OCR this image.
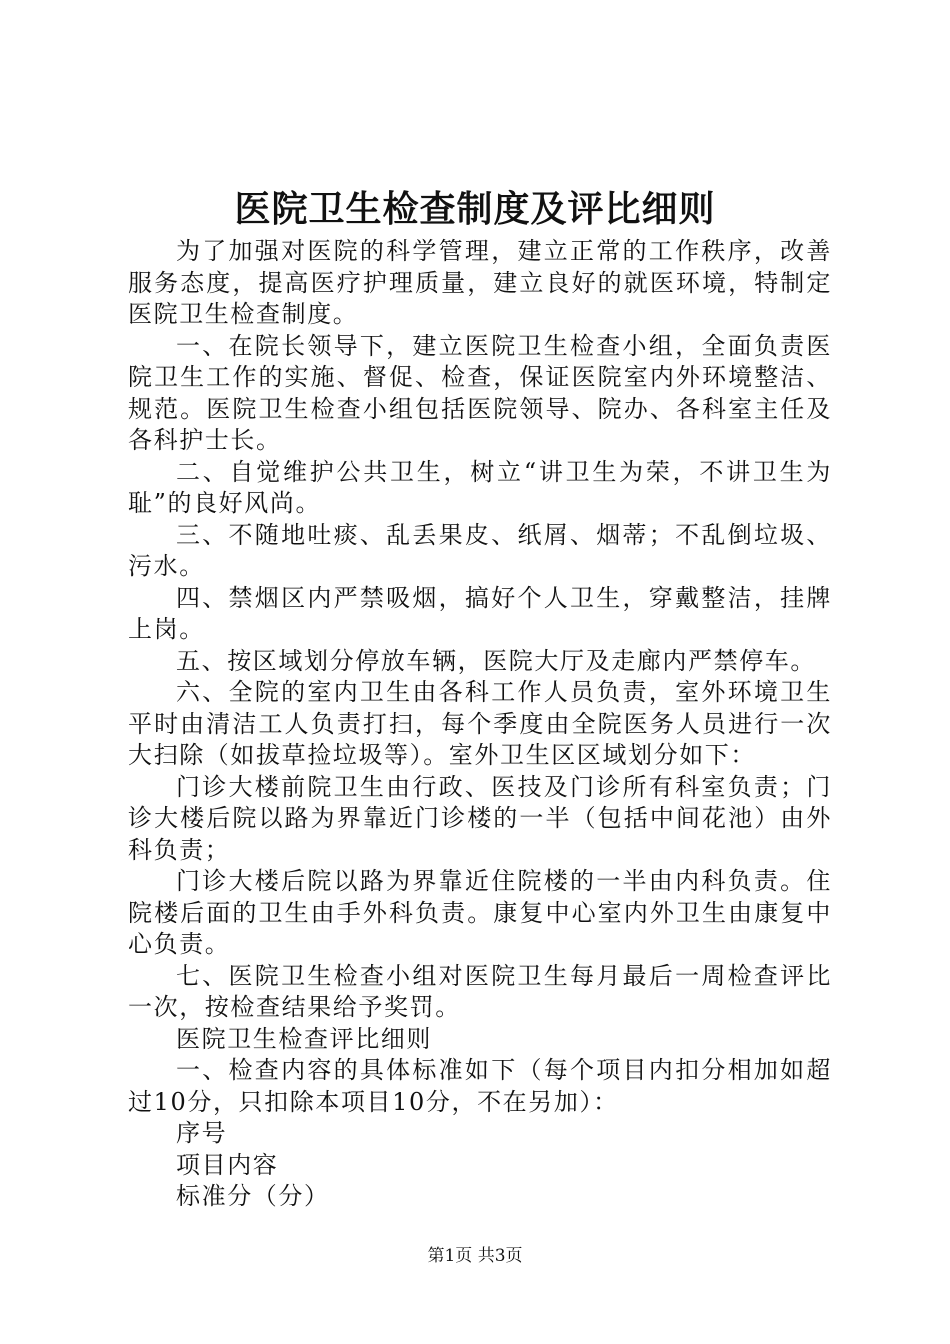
医院卫生检查制度及评比细则

为了加强对医院的科学管理，建立正常的工作秩序，改善服务态度，提高医疗护理质量，建立良好的就医环境，特制定医院卫生检查制度。

一、在院长领导下，建立医院卫生检查小组，全面负责医院卫生工作的实施、督促、检查，保证医院室内外环境整洁、规范。医院卫生检查小组包括医院领导、院办、各科室主任及各科护士长。

二、自觉维护公共卫生，树立“讲卫生为荣，不讲卫生为耻”的良好风尚。

三、不随地吐痰、乱丢果皮、纸屑、烟蒂；不乱倒垃圾、污水。

四、禁烟区内严禁吸烟，搞好个人卫生，穿戴整洁，挂牌上岗。

五、按区域划分停放车辆，医院大厅及走廊内严禁停车。

六、全院的室内卫生由各科工作人员负责，室外环境卫生平时由清洁工人负责打扫，每个季度由全院医务人员进行一次大扫除（如拔草捡垃圾等）。室外卫生区区域划分如下：

门诊大楼前院卫生由行政、医技及门诊所有科室负责；门诊大楼后院以路为界靠近门诊楼的一半（包括中间花池）由外科负责；

门诊大楼后院以路为界靠近住院楼的一半由内科负责。住院楼后面的卫生由手外科负责。康复中心室内外卫生由康复中心负责。

七、医院卫生检查小组对医院卫生每月最后一周检查评比一次，按检查结果给予奖罚。

医院卫生检查评比细则

一、检查内容的具体标准如下（每个项目内扣分相加如超过10分，只扣除本项目10分，不在另加）：

序号

项目内容

标准分（分）

第1页 共3页
